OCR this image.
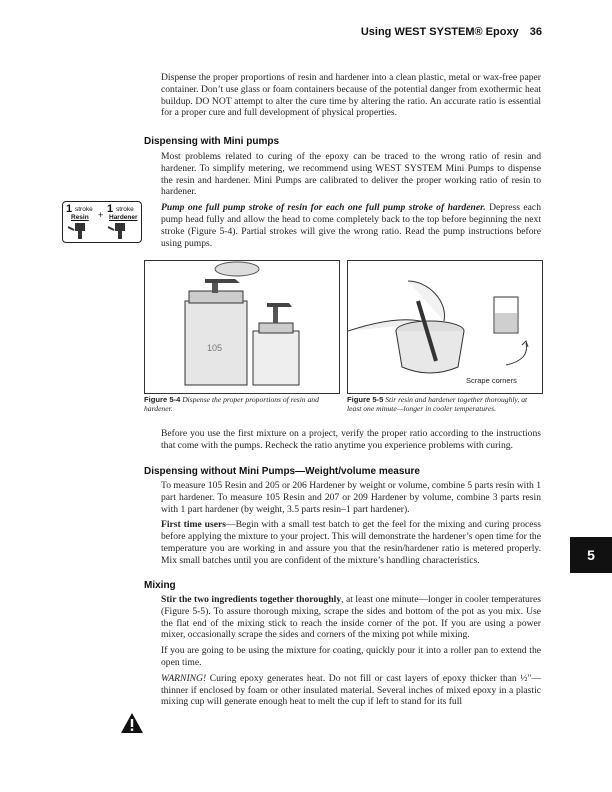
Using WEST SYSTEM® Epoxy 36

Dispense the proper proportions of resin and hardener into a clean plastic, metal or wax-free paper container. Don’t use glass or foam containers because of the potential danger from exothermic heat buildup. DO NOT attempt to alter the cure time by altering the ratio. An accurate ratio is essential for a proper cure and full development of physical properties.

Dispensing with Mini pumps

Most problems related to curing of the epoxy can be traced to the wrong ratio of resin and hardener. To simplify metering, we recommend using WEST SYSTEM Mini Pumps to dispense the resin and hardener. Mini Pumps are calibrated to deliver the proper working ratio of resin to hardener.

Pump one full pump stroke of resin for each one full pump stroke of hardener. Depress each pump head fully and allow the head to come completely back to the top before beginning the next stroke (Figure 5-4). Partial strokes will give the wrong ratio. Read the pump instructions before using pumps.

1 stroke
Resin + 1 stroke
Hardener
105
Scrape corners
Figure 5-4 Dispense the proper proportions of resin and hardener.
Figure 5-5 Stir resin and hardener together thoroughly, at least one minute—longer in cooler temperatures.

Before you use the first mixture on a project, verify the proper ratio according to the instructions that come with the pumps. Recheck the ratio anytime you experience problems with curing.

Dispensing without Mini Pumps—Weight/volume measure

To measure 105 Resin and 205 or 206 Hardener by weight or volume, combine 5 parts resin with 1 part hardener. To measure 105 Resin and 207 or 209 Hardener by volume, combine 3 parts resin with 1 part hardener (by weight, 3.5 parts resin–1 part hardener).

First time users—Begin with a small test batch to get the feel for the mixing and curing process before applying the mixture to your project. This will demonstrate the hardener’s open time for the temperature you are working in and assure you that the resin/hardener ratio is metered properly. Mix small batches until you are confident of the mixture’s handling characteristics.

Mixing

Stir the two ingredients together thoroughly, at least one minute—longer in cooler temperatures (Figure 5-5). To assure thorough mixing, scrape the sides and bottom of the pot as you mix. Use the flat end of the mixing stick to reach the inside corner of the pot. If you are using a power mixer, occasionally scrape the sides and corners of the mixing pot while mixing.

If you are going to be using the mixture for coating, quickly pour it into a roller pan to extend the open time.

WARNING! Curing epoxy generates heat. Do not fill or cast layers of epoxy thicker than ½"—thinner if enclosed by foam or other insulated material. Several inches of mixed epoxy in a plastic mixing cup will generate enough heat to melt the cup if left to stand for its full

5
